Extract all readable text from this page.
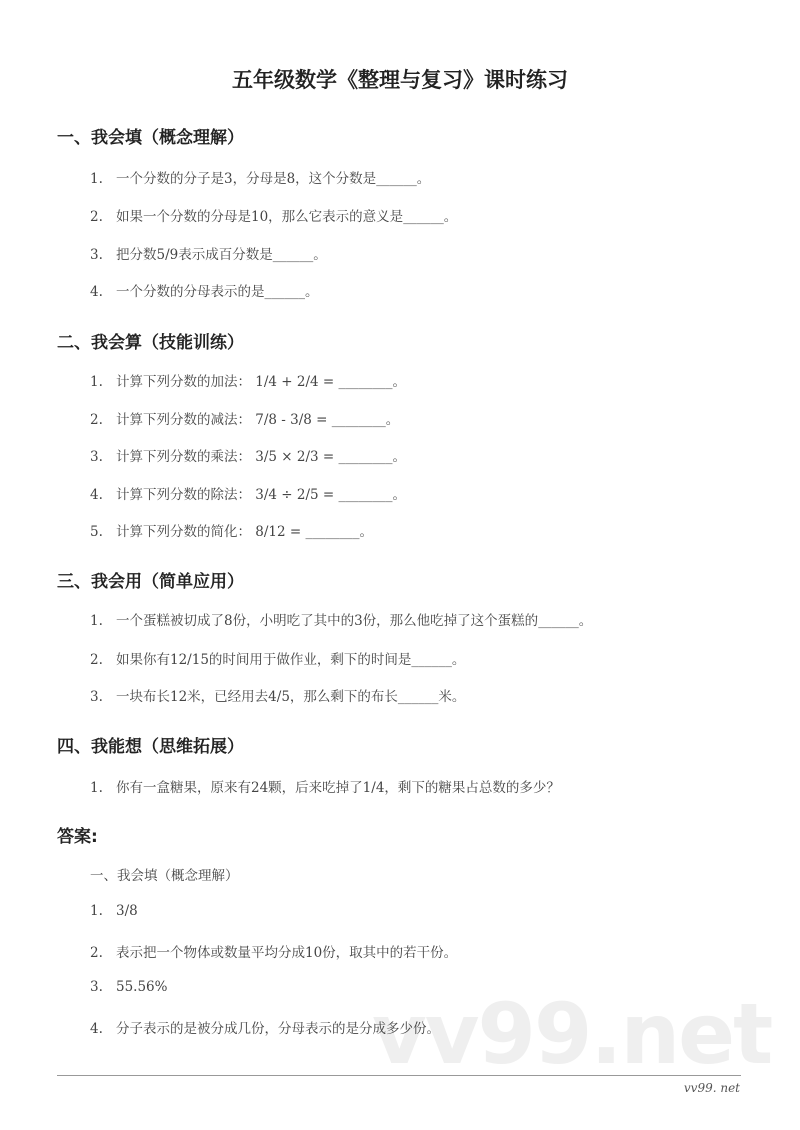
vv99.net
五年级数学《整理与复习》课时练习
一、我会填（概念理解）
1. 一个分数的分子是3，分母是8，这个分数是______。
2. 如果一个分数的分母是10，那么它表示的意义是______。
3. 把分数5/9表示成百分数是______。
4. 一个分数的分母表示的是______。
二、我会算（技能训练）
1. 计算下列分数的加法： 1/4 + 2/4 = ________。
2. 计算下列分数的减法： 7/8 - 3/8 = ________。
3. 计算下列分数的乘法： 3/5 × 2/3 = ________。
4. 计算下列分数的除法： 3/4 ÷ 2/5 = ________。
5. 计算下列分数的简化： 8/12 = ________。
三、我会用（简单应用）
1. 一个蛋糕被切成了8份，小明吃了其中的3份，那么他吃掉了这个蛋糕的______。
2. 如果你有12/15的时间用于做作业，剩下的时间是______。
3. 一块布长12米，已经用去4/5，那么剩下的布长______米。
四、我能想（思维拓展）
1. 你有一盒糖果，原来有24颗，后来吃掉了1/4，剩下的糖果占总数的多少？
答案:
一、我会填（概念理解）
1. 3/8
2. 表示把一个物体或数量平均分成10份，取其中的若干份。
3. 55.56%
4. 分子表示的是被分成几份，分母表示的是分成多少份。
vv99. net
